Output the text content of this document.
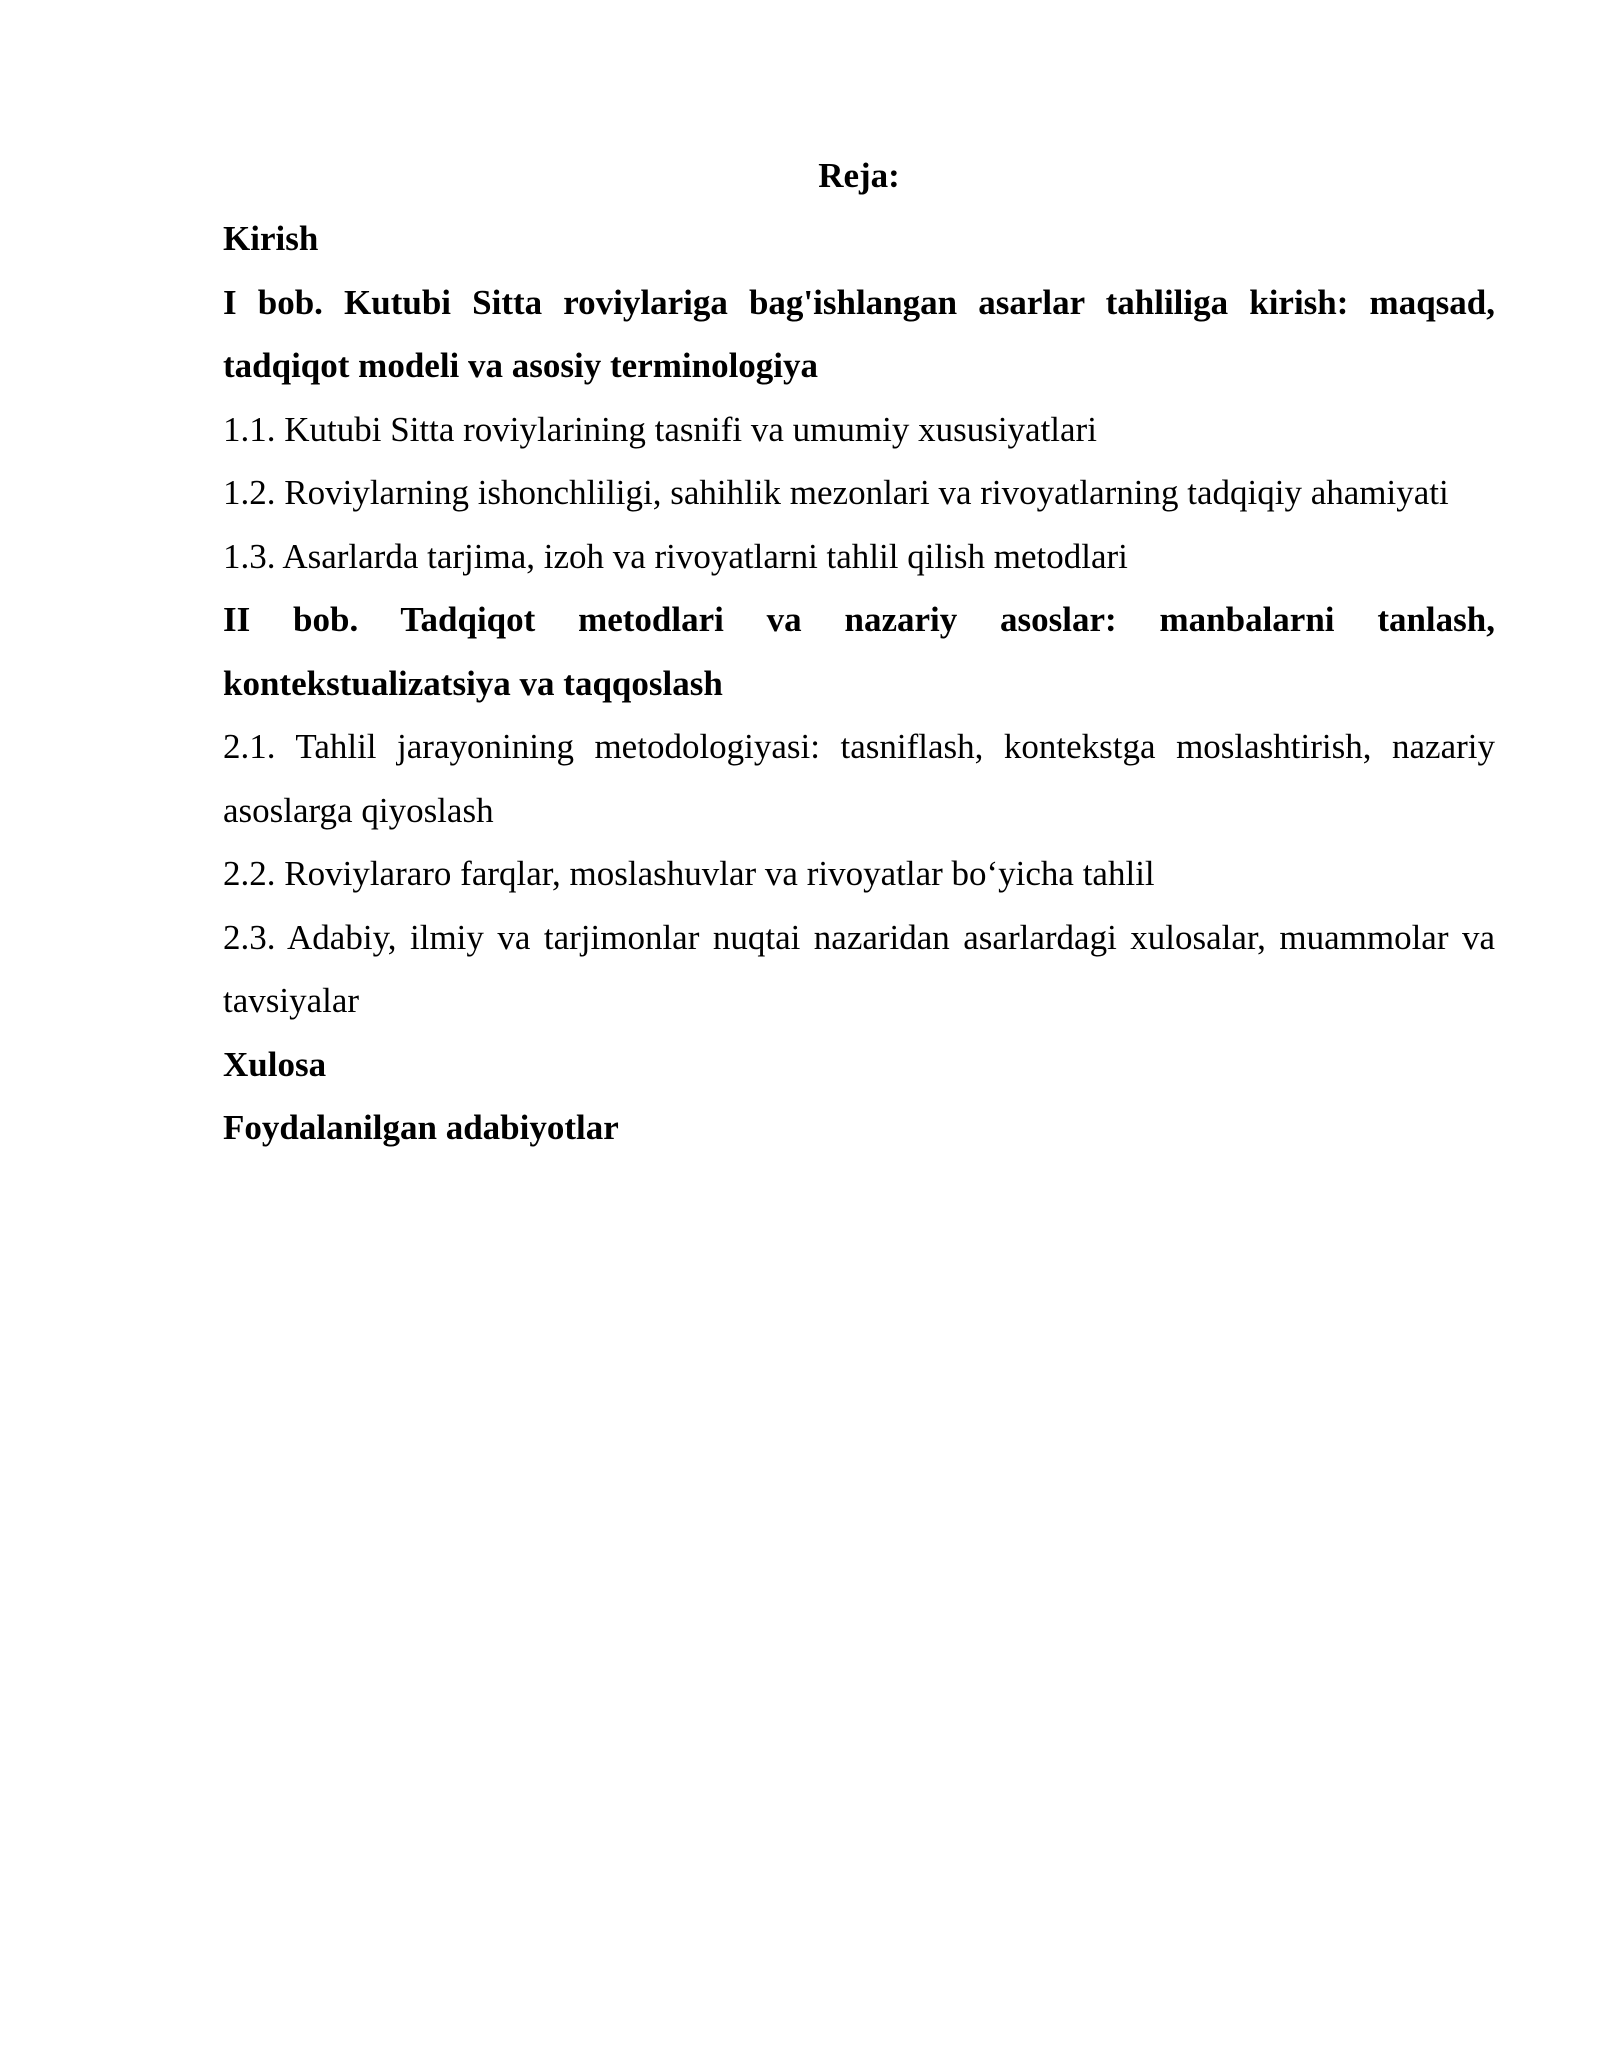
Reja:

Kirish

I bob. Kutubi Sitta roviylariga bag'ishlangan asarlar tahliliga kirish: maqsad, tadqiqot modeli va asosiy terminologiya

1.1. Kutubi Sitta roviylarining tasnifi va umumiy xususiyatlari

1.2. Roviylarning ishonchliligi, sahihlik mezonlari va rivoyatlarning tadqiqiy ahamiyati

1.3. Asarlarda tarjima, izoh va rivoyatlarni tahlil qilish metodlari

II bob. Tadqiqot metodlari va nazariy asoslar: manbalarni tanlash, kontekstualizatsiya va taqqoslash

2.1. Tahlil jarayonining metodologiyasi: tasniflash, kontekstga moslashtirish, nazariy asoslarga qiyoslash

2.2. Roviylararo farqlar, moslashuvlar va rivoyatlar bo‘yicha tahlil

2.3. Adabiy, ilmiy va tarjimonlar nuqtai nazaridan asarlardagi xulosalar, muammolar va tavsiyalar

Xulosa

Foydalanilgan adabiyotlar
